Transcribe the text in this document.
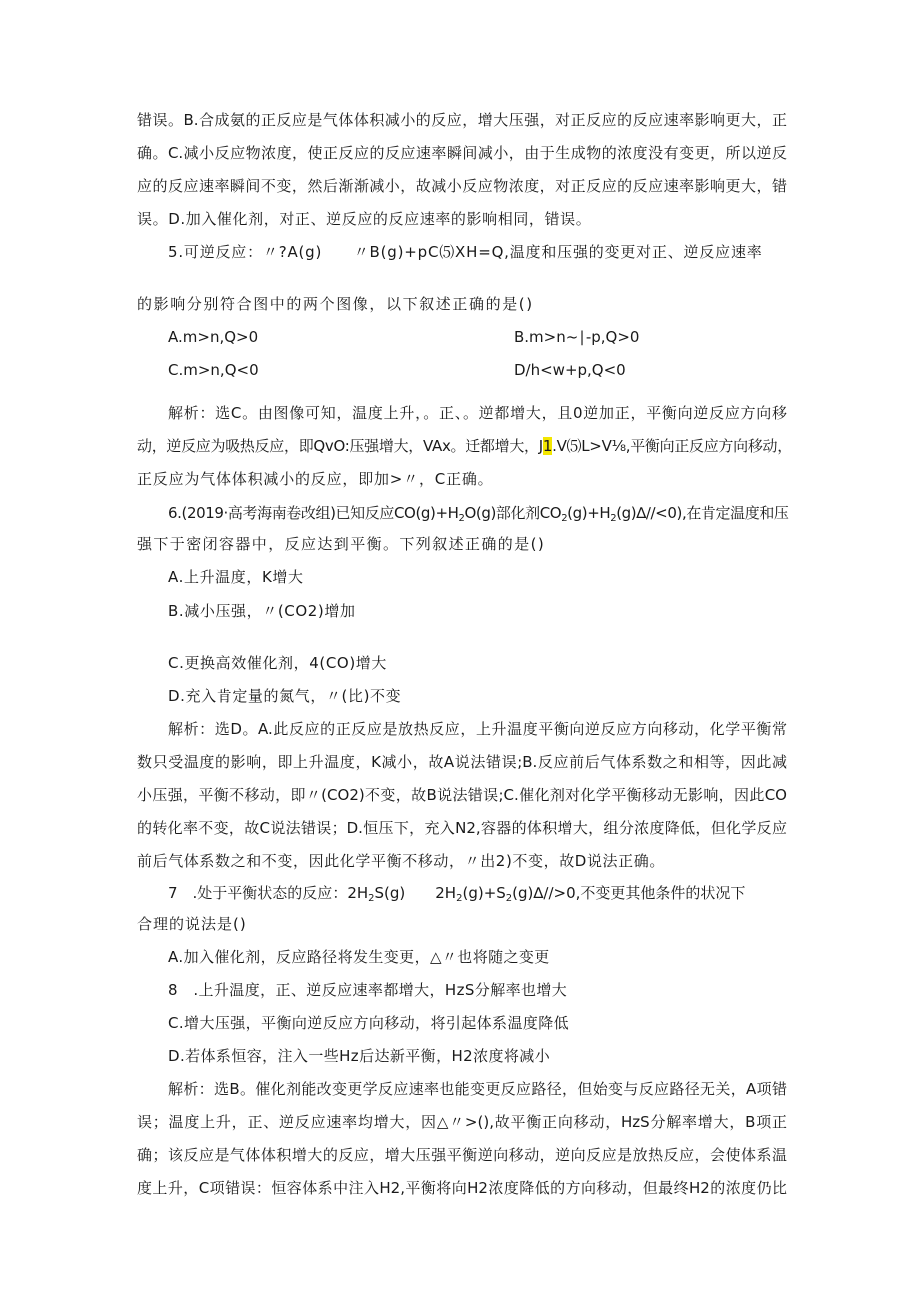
错误。B.合成氨的正反应是气体体积减小的反应，增大压强，对正反应的反应速率影响更大，正
确。C.减小反应物浓度，使正反应的反应速率瞬间减小，由于生成物的浓度没有变更，所以逆反
应的反应速率瞬间不变，然后渐渐减小，故减小反应物浓度，对正反应的反应速率影响更大，错
误。D.加入催化剂，对正、逆反应的反应速率的影响相同，错误。
5.可逆反应：〃?A(g)　　〃B(g)+pC⑸XH=Q,温度和压强的变更对正、逆反应速率
的影响分别符合图中的两个图像，以下叙述正确的是()
A.m>n,Q>0	B.m>n~∣-p,Q>0
C.m>n,Q<0	D∕h<w+p,Q<0
解析：选C。由图像可知，温度上升，。正、。逆都增大，且0逆加正，平衡向逆反应方向移
动，逆反应为吸热反应，即QvO:压强增大，VAx。迁都增大，J1.V⑸L>V⅛,平衡向正反应方向移动，
正反应为气体体积减小的反应，即加>〃，C正确。
6.(2019·高考海南卷改组)已知反应$CO(g)+H_2O(g)$部化剂$CO_2(g)+H_2(g)\Delta∕∕<0$),在肯定温度和压
强下于密闭容器中，反应达到平衡。下列叙述正确的是()
A.上升温度，K增大
B.减小压强，〃(CO2)增加
C.更换高效催化剂，4(CO)增大
D.充入肯定量的氮气，〃(比)不变
解析：选D。A.此反应的正反应是放热反应，上升温度平衡向逆反应方向移动，化学平衡常
数只受温度的影响，即上升温度，K减小，故A说法错误;B.反应前后气体系数之和相等，因此减
小压强，平衡不移动，即〃(CO2)不变，故B说法错误;C.催化剂对化学平衡移动无影响，因此CO
的转化率不变，故C说法错误；D.恒压下，充入N2,容器的体积增大，组分浓度降低，但化学反应
前后气体系数之和不变，因此化学平衡不移动，〃出2)不变，故D说法正确。
7　.处于平衡状态的反应：$2H_2S(g)$　　$2H_2(g)+S_2(g)\Delta∕∕>0$,不变更其他条件的状况下
合理的说法是()
A.加入催化剂，反应路径将发生变更，△〃也将随之变更
8　.上升温度，正、逆反应速率都增大，HzS分解率也增大
C.增大压强，平衡向逆反应方向移动，将引起体系温度降低
D.若体系恒容，注入一些Hz后达新平衡，H2浓度将减小
解析：选B。催化剂能改变更学反应速率也能变更反应路径，但始变与反应路径无关，A项错
误；温度上升，正、逆反应速率均增大，因△〃>(),故平衡正向移动，HzS分解率增大，B项正
确；该反应是气体体积增大的反应，增大压强平衡逆向移动，逆向反应是放热反应，会使体系温
度上升，C项错误：恒容体系中注入H2,平衡将向H2浓度降低的方向移动，但最终H2的浓度仍比
